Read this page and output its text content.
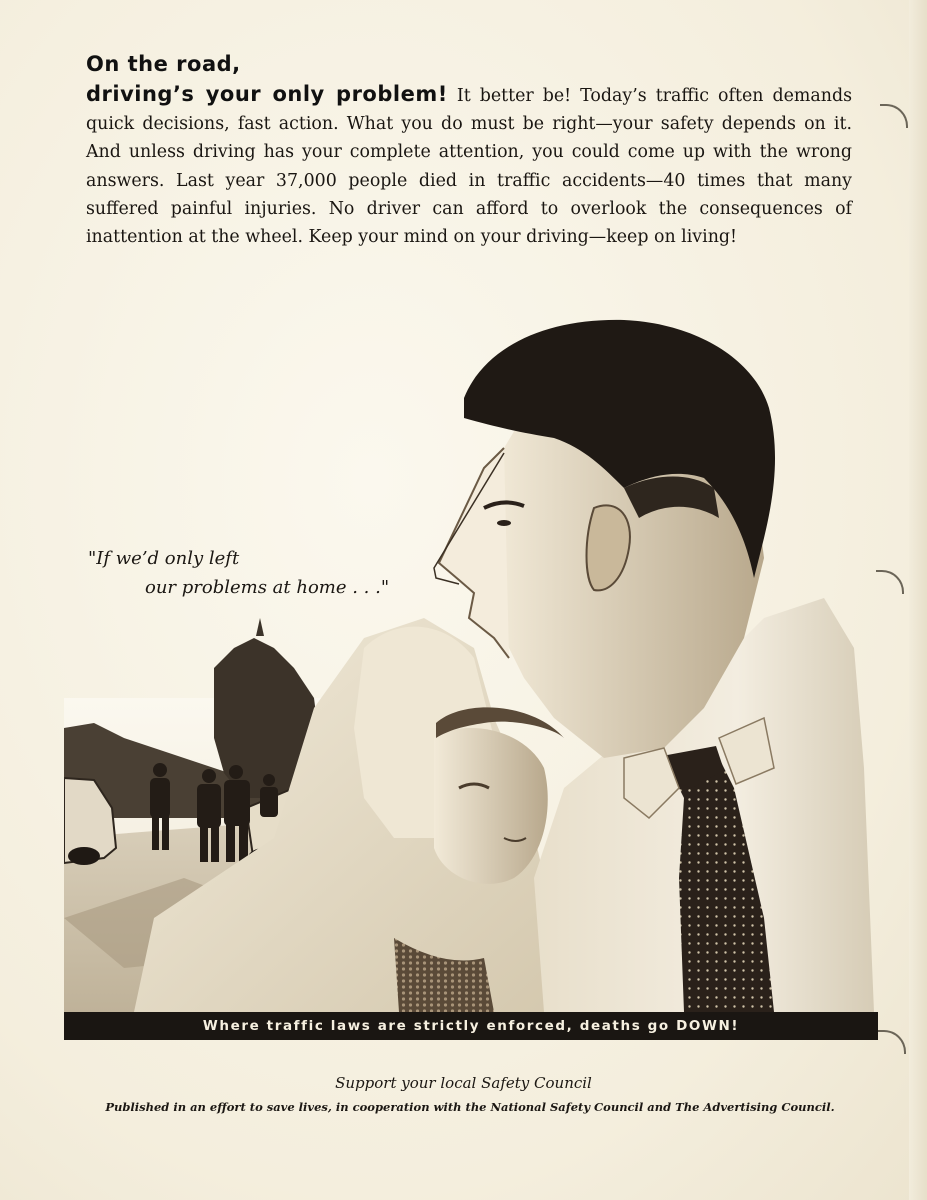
On the road,
driving’s your only problem! It better be! Today’s traffic often demands quick decisions, fast action. What you do must be right—your safety depends on it. And unless driving has your complete attention, you could come up with the wrong answers. Last year 37,000 people died in traffic accidents—40 times that many suffered painful injuries. No driver can afford to overlook the consequences of inattention at the wheel. Keep your mind on your driving—keep on living!
"If we’d only left
our problems at home . . ."
Where traffic laws are strictly enforced, deaths go DOWN!
Support your local Safety Council
Published in an effort to save lives, in cooperation with the National Safety Council and The Advertising Council.
